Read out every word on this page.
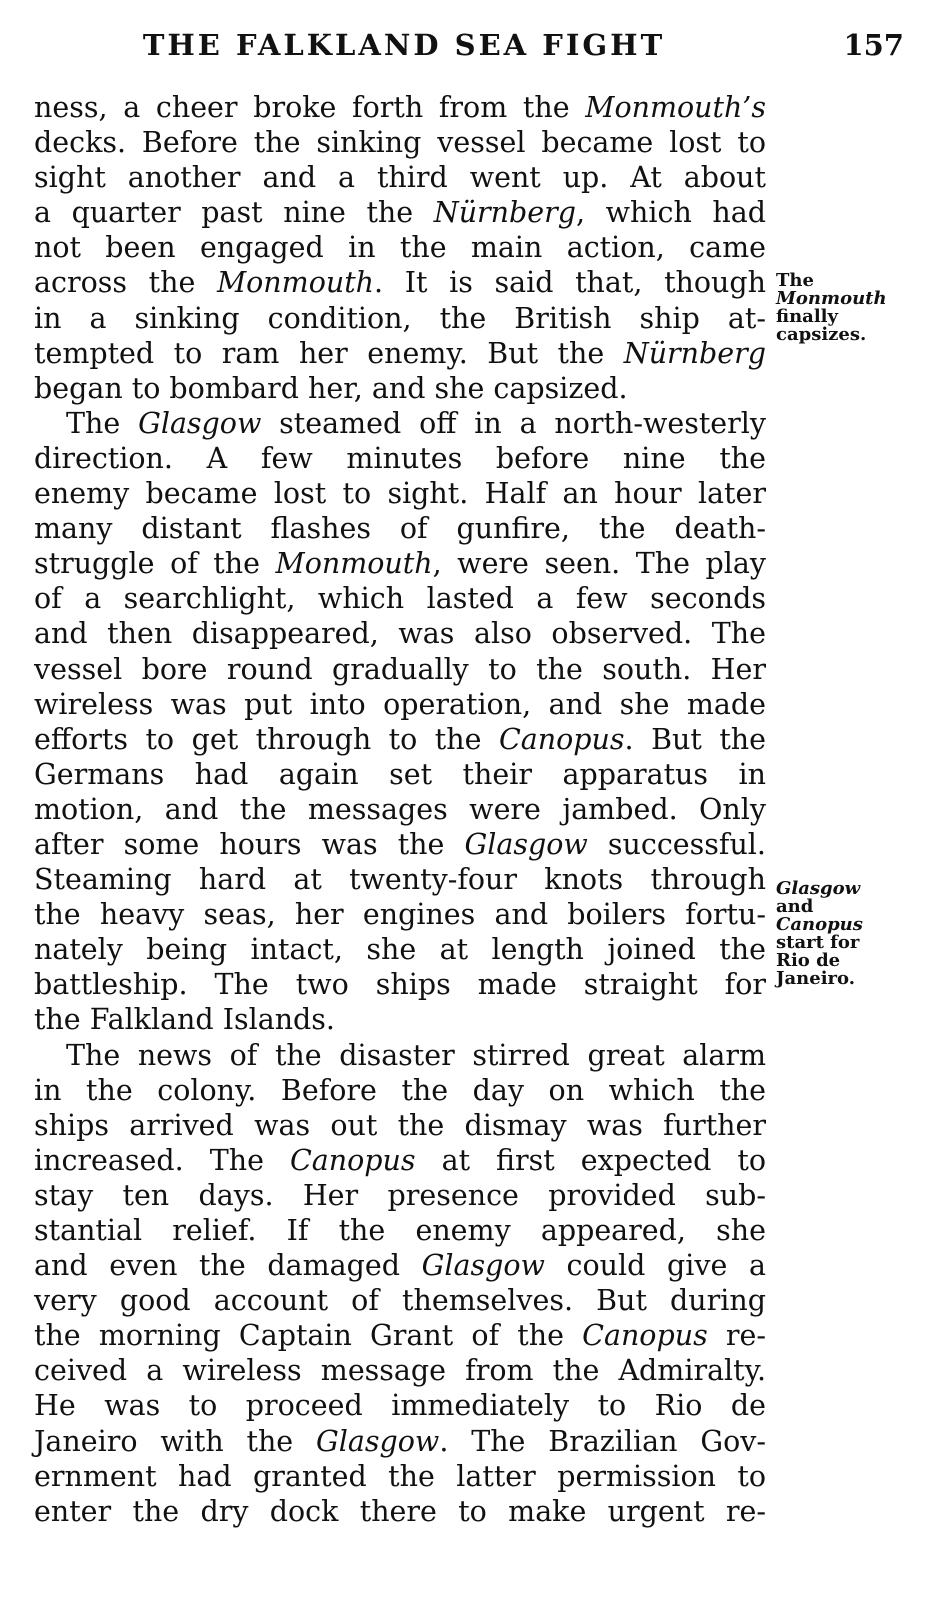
THE FALKLAND SEA FIGHT	157
ness, a cheer broke forth from the Monmouth’s
decks. Before the sinking vessel became lost to
sight another and a third went up. At about
a quarter past nine the Nürnberg, which had
not been engaged in the main action, came
across the Monmouth. It is said that, though
in a sinking condition, the British ship at-
tempted to ram her enemy. But the Nürnberg
began to bombard her, and she capsized.
The Glasgow steamed off in a north-westerly
direction. A few minutes before nine the
enemy became lost to sight. Half an hour later
many distant flashes of gunfire, the death-
struggle of the Monmouth, were seen. The play
of a searchlight, which lasted a few seconds
and then disappeared, was also observed. The
vessel bore round gradually to the south. Her
wireless was put into operation, and she made
efforts to get through to the Canopus. But the
Germans had again set their apparatus in
motion, and the messages were jambed. Only
after some hours was the Glasgow successful.
Steaming hard at twenty-four knots through
the heavy seas, her engines and boilers fortu-
nately being intact, she at length joined the
battleship. The two ships made straight for
the Falkland Islands.
The news of the disaster stirred great alarm
in the colony. Before the day on which the
ships arrived was out the dismay was further
increased. The Canopus at first expected to
stay ten days. Her presence provided sub-
stantial relief. If the enemy appeared, she
and even the damaged Glasgow could give a
very good account of themselves. But during
the morning Captain Grant of the Canopus re-
ceived a wireless message from the Admiralty.
He was to proceed immediately to Rio de
Janeiro with the Glasgow. The Brazilian Gov-
ernment had granted the latter permission to
enter the dry dock there to make urgent re-
The
Monmouth
finally
capsizes.
Glasgow
and
Canopus
start for
Rio de
Janeiro.
